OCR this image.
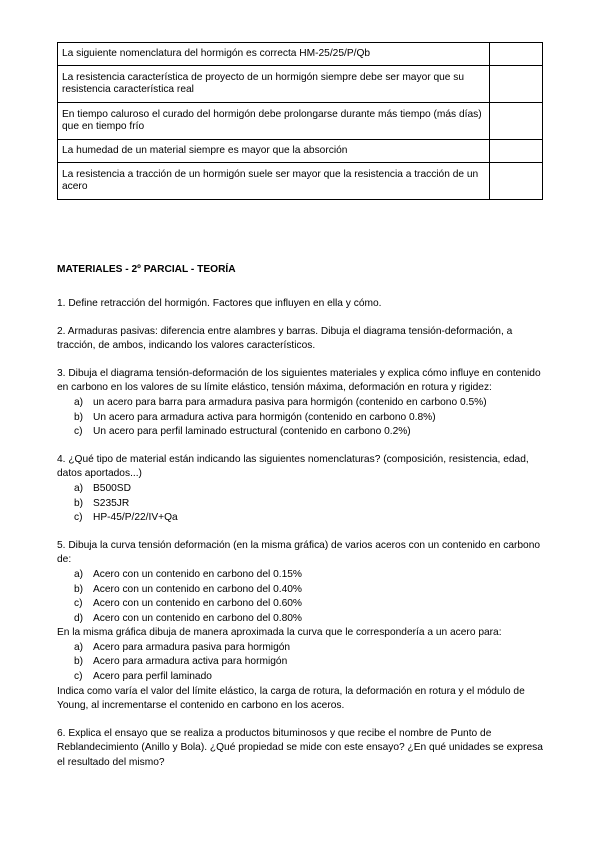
La siguiente nomenclatura del hormigón es correcta HM-25/25/P/Qb	
La resistencia característica de proyecto de un hormigón siempre debe ser mayor que su resistencia característica real	
En tiempo caluroso el curado del hormigón debe prolongarse durante más tiempo (más días) que en tiempo frío	
La humedad de un material siempre es mayor que la absorción	
La resistencia a tracción de un hormigón suele ser mayor que la resistencia a tracción de un acero	
MATERIALES - 2º PARCIAL - TEORÍA

1. Define retracción del hormigón. Factores que influyen en ella y cómo.

2. Armaduras pasivas: diferencia entre alambres y barras. Dibuja el diagrama tensión-deformación, a tracción, de ambos, indicando los valores característicos.

3. Dibuja el diagrama tensión-deformación de los siguientes materiales y explica cómo influye en contenido en carbono en los valores de su límite elástico, tensión máxima, deformación en rotura y rigidez:

a) un acero para barra para armadura pasiva para hormigón (contenido en carbono 0.5%)
b) Un acero para armadura activa para hormigón (contenido en carbono 0.8%)
c) Un acero para perfil laminado estructural (contenido en carbono 0.2%)

4. ¿Qué tipo de material están indicando las siguientes nomenclaturas? (composición, resistencia, edad, datos aportados...)

a) B500SD
b) S235JR
c) HP-45/P/22/IV+Qa

5. Dibuja la curva tensión deformación (en la misma gráfica) de varios aceros con un contenido en carbono de:

a) Acero con un contenido en carbono del 0.15%
b) Acero con un contenido en carbono del 0.40%
c) Acero con un contenido en carbono del 0.60%
d) Acero con un contenido en carbono del 0.80%

En la misma gráfica dibuja de manera aproximada la curva que le correspondería a un acero para:

a) Acero para armadura pasiva para hormigón
b) Acero para armadura activa para hormigón
c) Acero para perfil laminado

Indica como varía el valor del límite elástico, la carga de rotura, la deformación en rotura y el módulo de Young, al incrementarse el contenido en carbono en los aceros.

6. Explica el ensayo que se realiza a productos bituminosos y que recibe el nombre de Punto de Reblandecimiento (Anillo y Bola). ¿Qué propiedad se mide con este ensayo? ¿En qué unidades se expresa el resultado del mismo?
